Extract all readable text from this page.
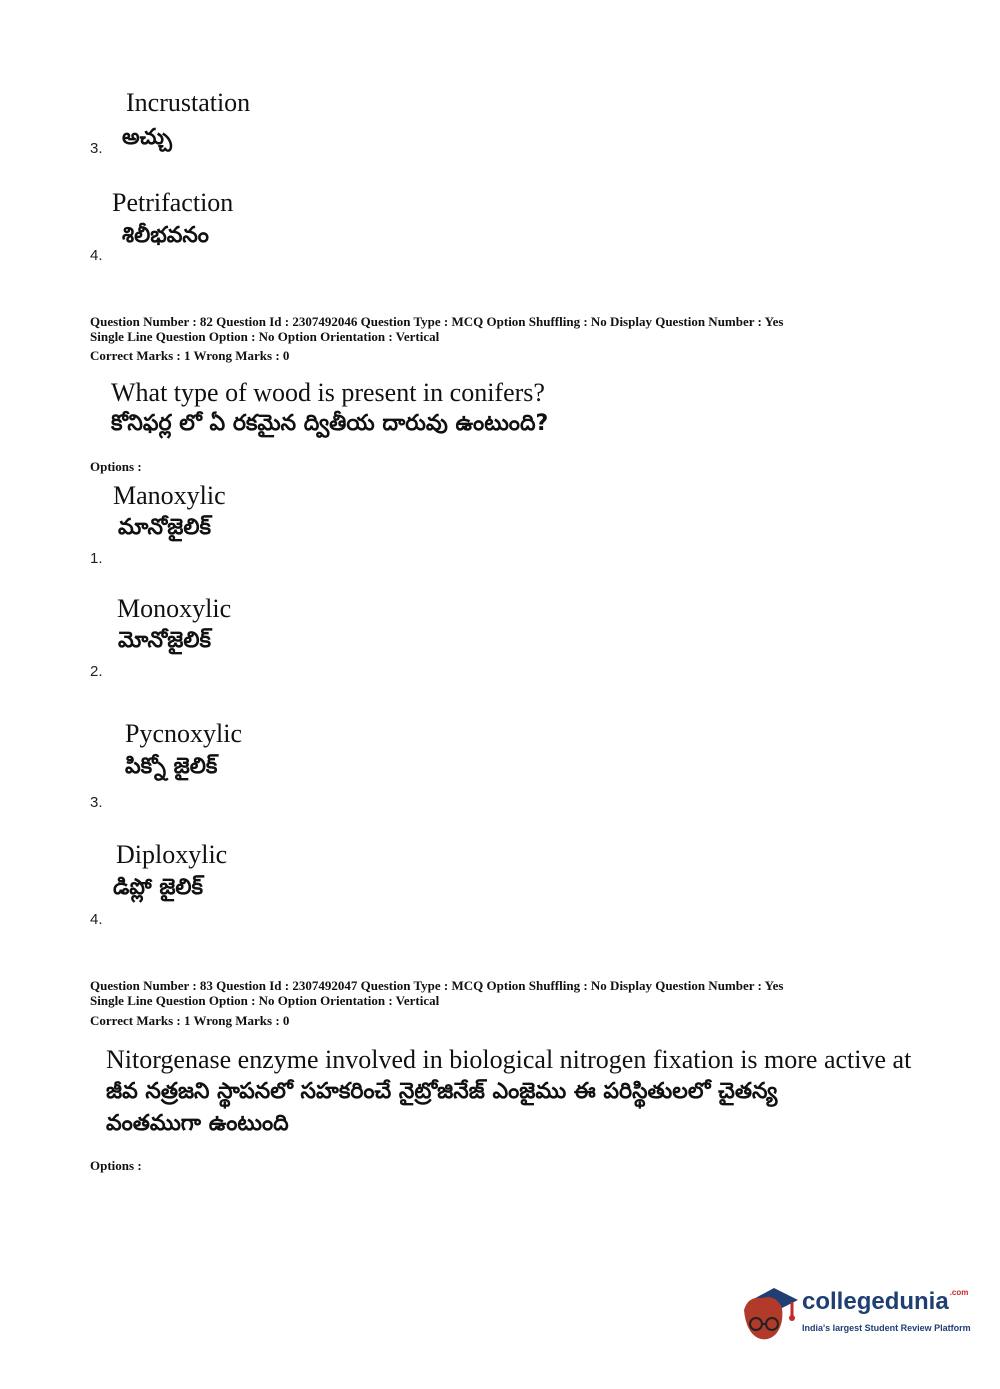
Incrustation
అచ్చు
3.
Petrifaction
శిలీభవనం
4.
Question Number : 82 Question Id : 2307492046 Question Type : MCQ Option Shuffling : No Display Question Number : Yes
Single Line Question Option : No Option Orientation : Vertical
Correct Marks : 1 Wrong Marks : 0
What type of wood is present in conifers?
కోనిఫర్ల లో ఏ రకమైన ద్వితీయ దారువు ఉంటుంది?
Options :
Manoxylic
మానోజైలిక్
1.
Monoxylic
మోనోజైలిక్
2.
Pycnoxylic
పిక్నో జైలిక్
3.
Diploxylic
డిప్లో జైలిక్
4.
Question Number : 83 Question Id : 2307492047 Question Type : MCQ Option Shuffling : No Display Question Number : Yes
Single Line Question Option : No Option Orientation : Vertical
Correct Marks : 1 Wrong Marks : 0
Nitorgenase enzyme involved in biological nitrogen fixation is more active at
జీవ నత్రజని స్థాపనలో సహకరించే నైట్రోజినేజ్ ఎంజైము ఈ పరిస్థితులలో చైతన్య
వంతముగా ఉంటుంది
Options :
collegedunia$^{.com}$
India's largest Student Review Platform
